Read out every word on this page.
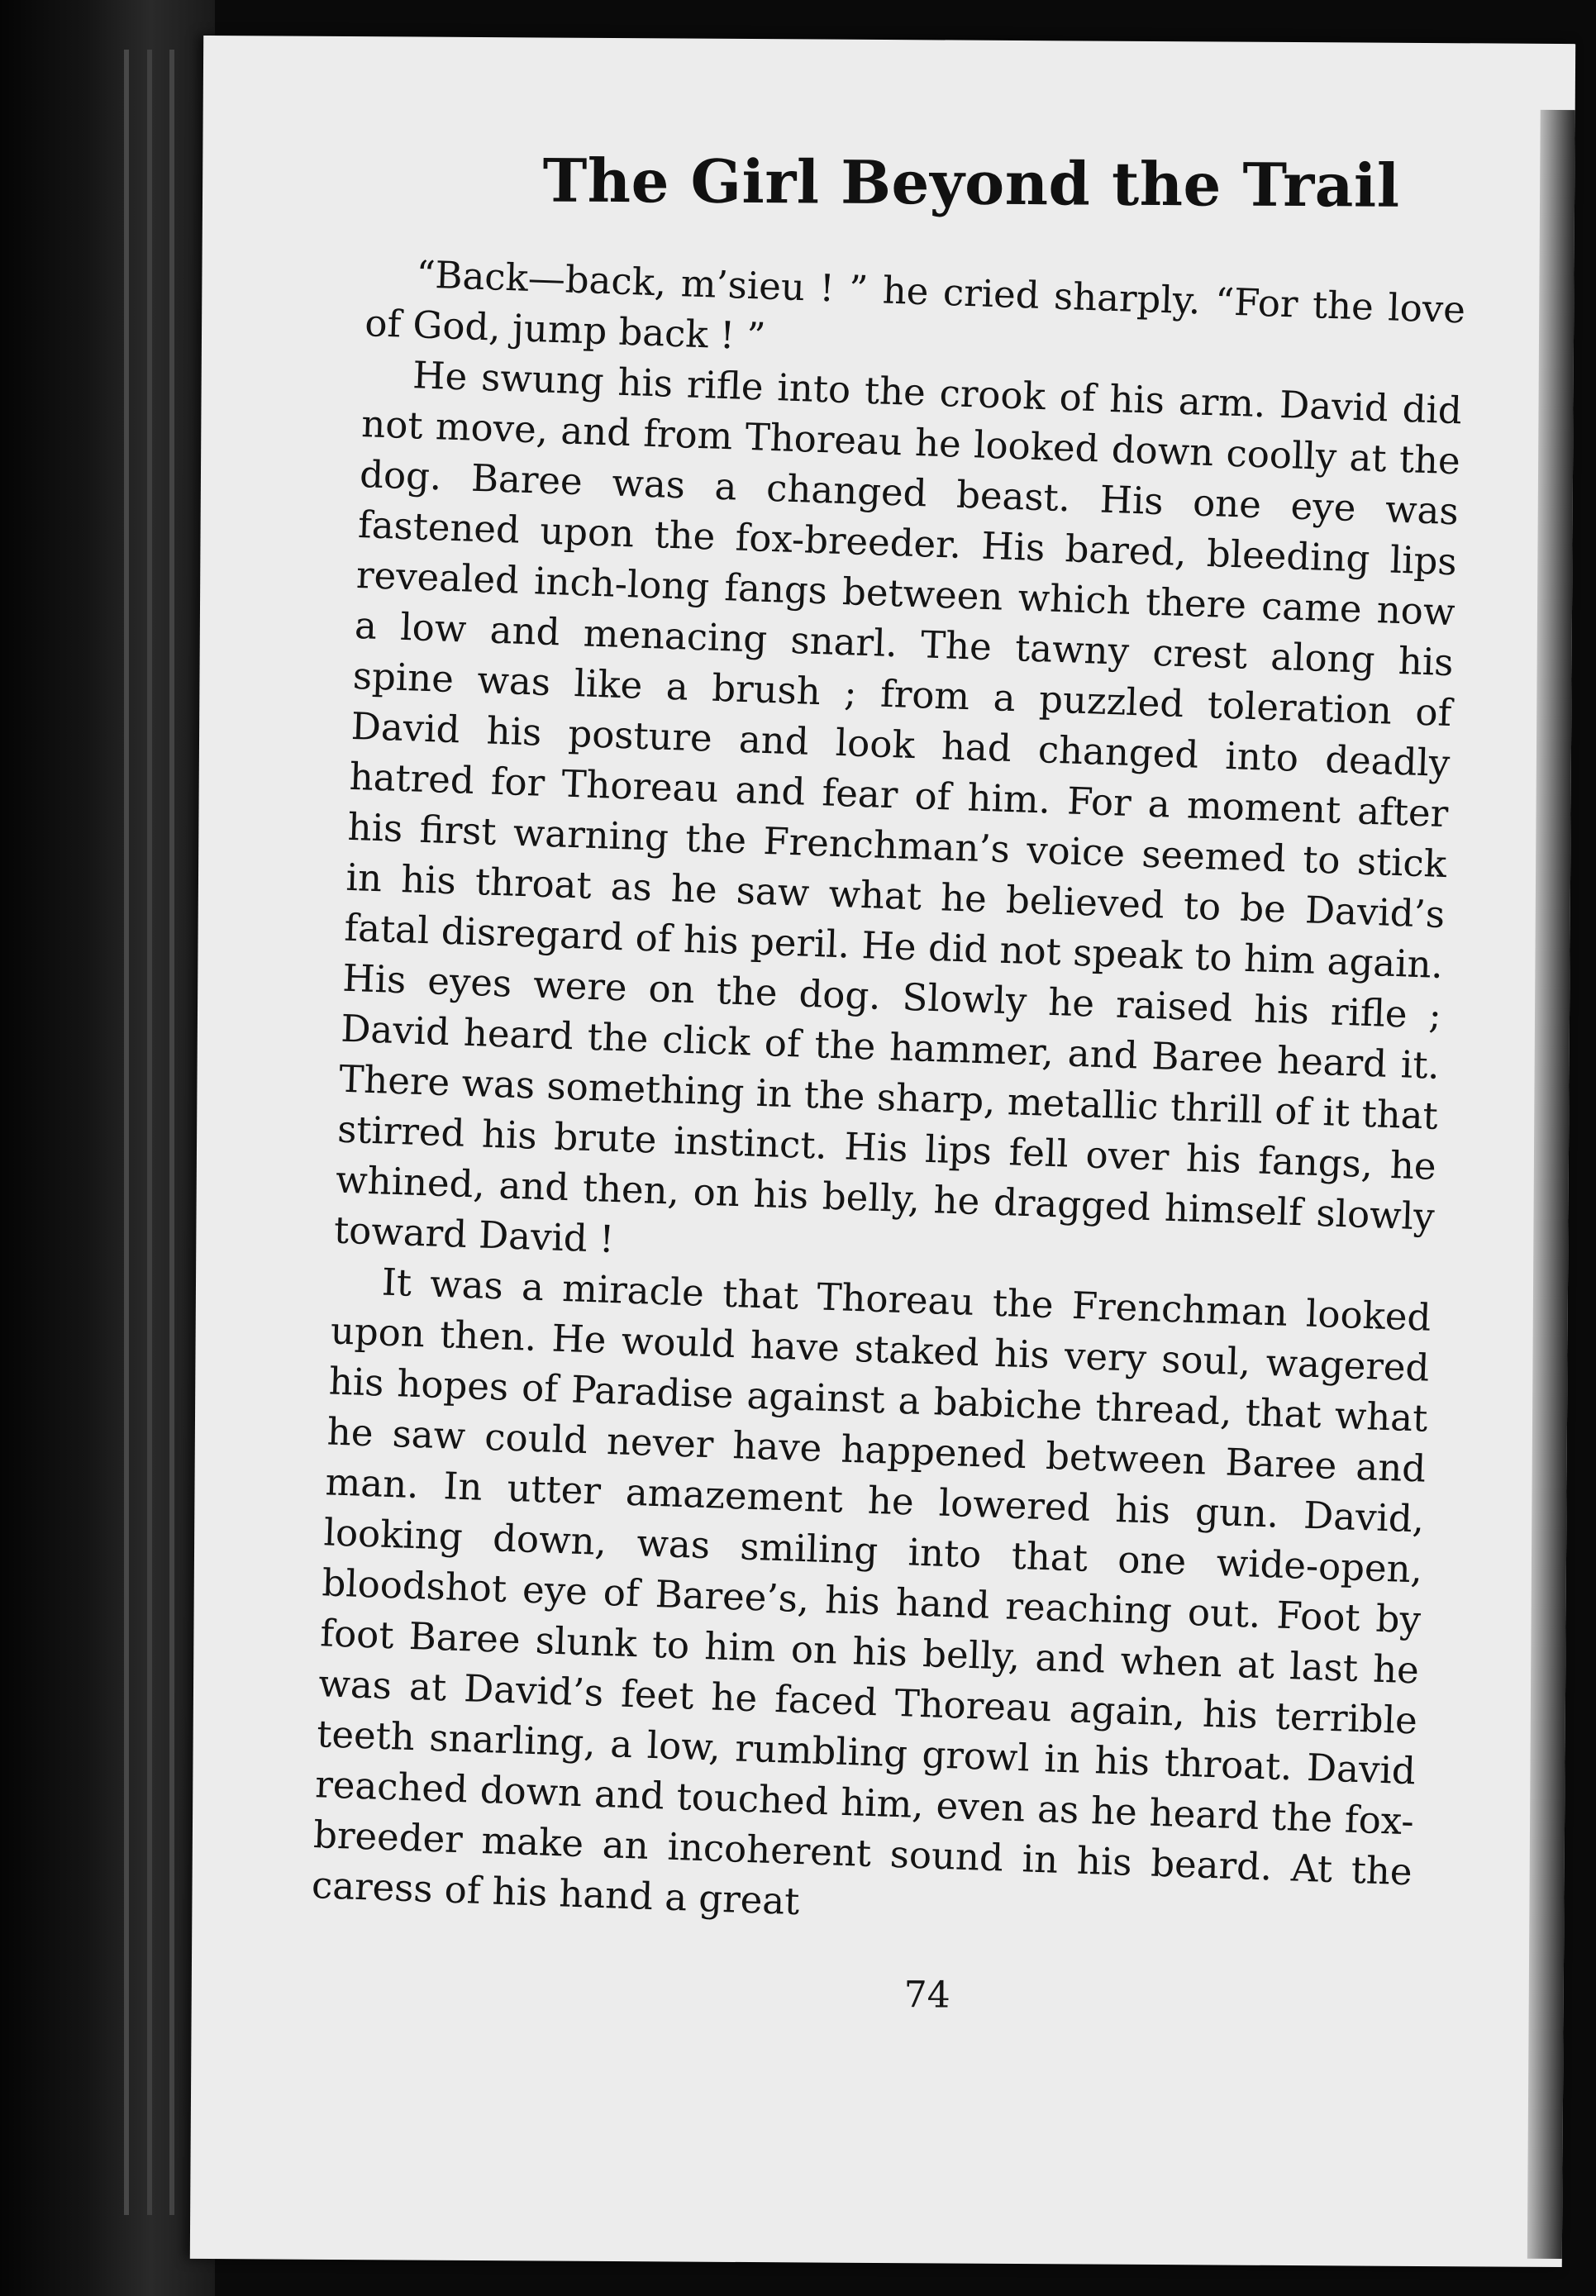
The Girl Beyond the Trail

“Back—back, m’sieu ! ” he cried sharply. “For the love of God, jump back ! ”

He swung his rifle into the crook of his arm. David did not move, and from Thoreau he looked down coolly at the dog. Baree was a changed beast. His one eye was fastened upon the fox-breeder. His bared, bleeding lips revealed inch-long fangs between which there came now a low and menacing snarl. The tawny crest along his spine was like a brush ; from a puzzled toleration of David his posture and look had changed into deadly hatred for Thoreau and fear of him. For a moment after his first warning the Frenchman’s voice seemed to stick in his throat as he saw what he believed to be David’s fatal disregard of his peril. He did not speak to him again. His eyes were on the dog. Slowly he raised his rifle ; David heard the click of the hammer, and Baree heard it. There was something in the sharp, metallic thrill of it that stirred his brute instinct. His lips fell over his fangs, he whined, and then, on his belly, he dragged himself slowly toward David !

It was a miracle that Thoreau the Frenchman looked upon then. He would have staked his very soul, wagered his hopes of Paradise against a babiche thread, that what he saw could never have happened between Baree and man. In utter amazement he lowered his gun. David, looking down, was smiling into that one wide-open, bloodshot eye of Baree’s, his hand reaching out. Foot by foot Baree slunk to him on his belly, and when at last he was at David’s feet he faced Thoreau again, his terrible teeth snarling, a low, rumbling growl in his throat. David reached down and touched him, even as he heard the fox-breeder make an incoherent sound in his beard. At the caress of his hand a great

74
